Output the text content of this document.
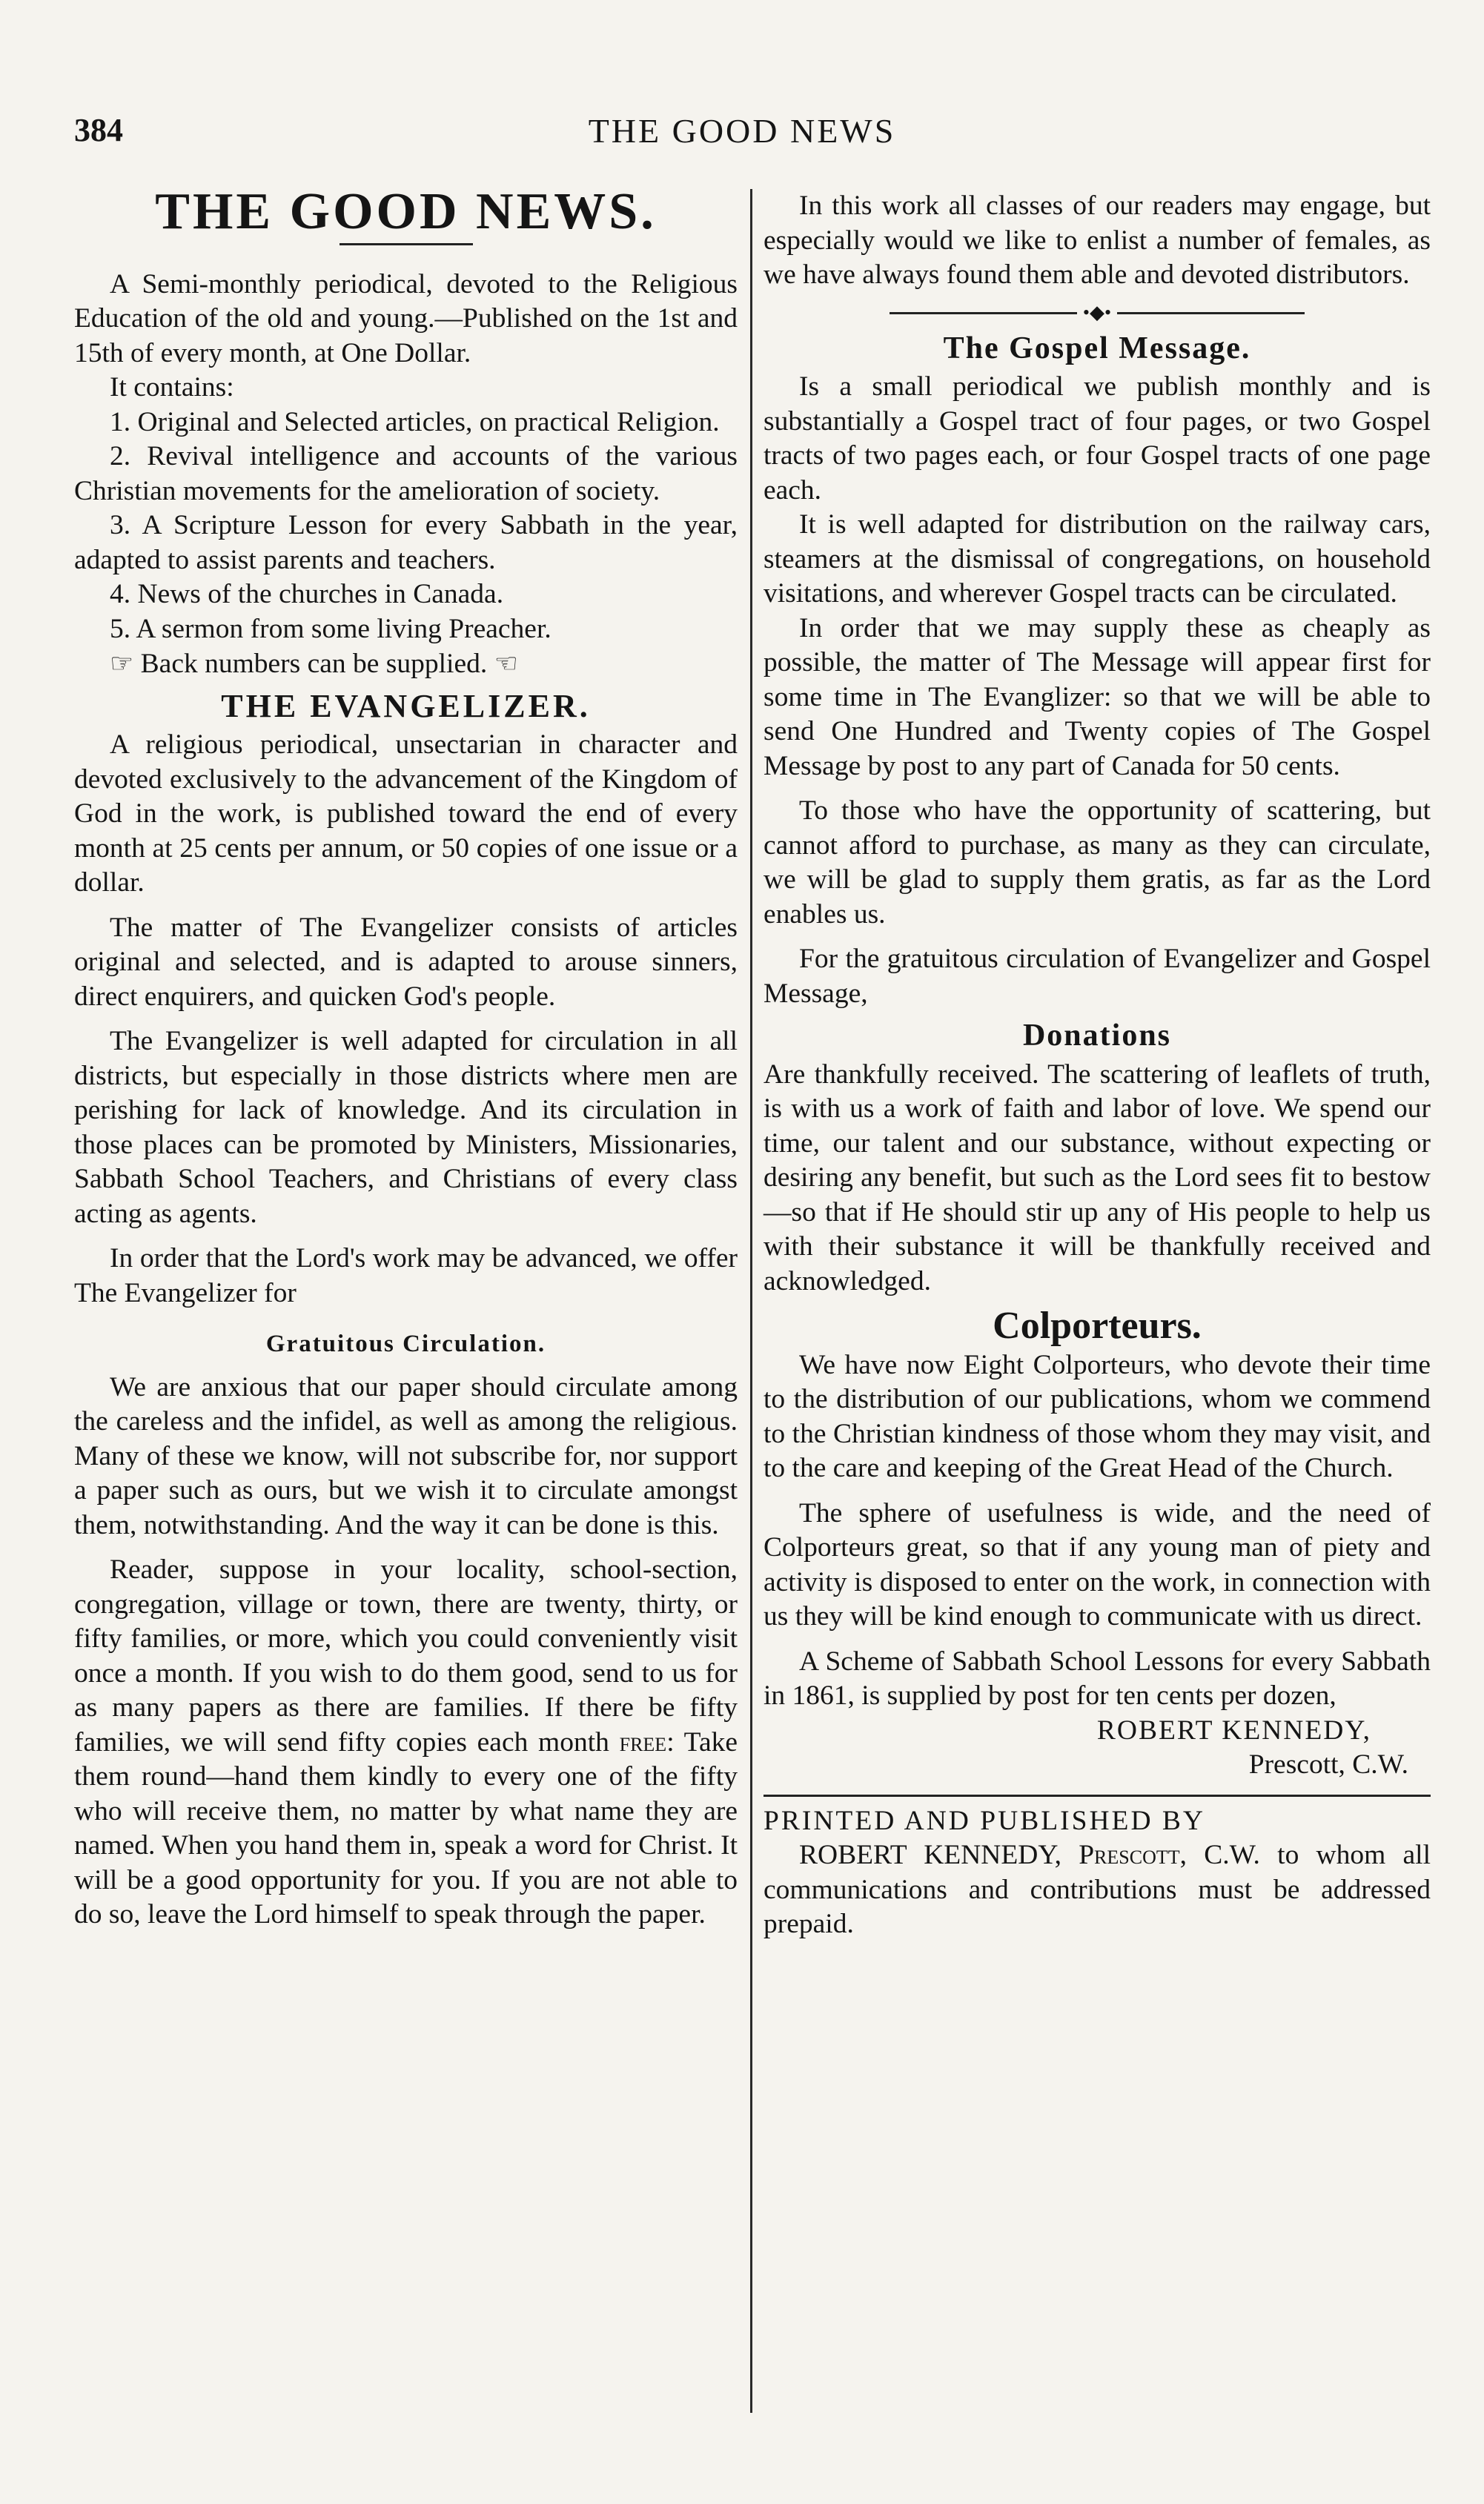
384	THE GOOD NEWS
THE GOOD NEWS.

A Semi-monthly periodical, devoted to the Religious Education of the old and young.—Published on the 1st and 15th of every month, at One Dollar.

It contains:

1. Original and Selected articles, on practical Religion.

2. Revival intelligence and accounts of the various Christian movements for the amelioration of society.

3. A Scripture Lesson for every Sabbath in the year, adapted to assist parents and teachers.

4. News of the churches in Canada.

5. A sermon from some living Preacher.

☞ Back numbers can be supplied. ☜

THE EVANGELIZER.

A religious periodical, unsectarian in character and devoted exclusively to the advancement of the Kingdom of God in the work, is published toward the end of every month at 25 cents per annum, or 50 copies of one issue or a dollar.

The matter of The Evangelizer consists of articles original and selected, and is adapted to arouse sinners, direct enquirers, and quicken God's people.

The Evangelizer is well adapted for circulation in all districts, but especially in those districts where men are perishing for lack of knowledge. And its circulation in those places can be promoted by Ministers, Missionaries, Sabbath School Teachers, and Christians of every class acting as agents.

In order that the Lord's work may be advanced, we offer The Evangelizer for

Gratuitous Circulation.

We are anxious that our paper should circulate among the careless and the infidel, as well as among the religious. Many of these we know, will not subscribe for, nor support a paper such as ours, but we wish it to circulate amongst them, notwithstanding. And the way it can be done is this.

Reader, suppose in your locality, school-section, congregation, village or town, there are twenty, thirty, or fifty families, or more, which you could conveniently visit once a month. If you wish to do them good, send to us for as many papers as there are families. If there be fifty families, we will send fifty copies each month free: Take them round—hand them kindly to every one of the fifty who will receive them, no matter by what name they are named. When you hand them in, speak a word for Christ. It will be a good opportunity for you. If you are not able to do so, leave the Lord himself to speak through the paper.

In this work all classes of our readers may engage, but especially would we like to enlist a number of females, as we have always found them able and devoted distributors.

•◆•
The Gospel Message.

Is a small periodical we publish monthly and is substantially a Gospel tract of four pages, or two Gospel tracts of two pages each, or four Gospel tracts of one page each.

It is well adapted for distribution on the railway cars, steamers at the dismissal of congregations, on household visitations, and wherever Gospel tracts can be circulated.

In order that we may supply these as cheaply as possible, the matter of The Message will appear first for some time in The Evanglizer: so that we will be able to send One Hundred and Twenty copies of The Gospel Message by post to any part of Canada for 50 cents.

To those who have the opportunity of scattering, but cannot afford to purchase, as many as they can circulate, we will be glad to supply them gratis, as far as the Lord enables us.

For the gratuitous circulation of Evangelizer and Gospel Message,

Donations

Are thankfully received. The scattering of leaflets of truth, is with us a work of faith and labor of love. We spend our time, our talent and our substance, without expecting or desiring any benefit, but such as the Lord sees fit to bestow—so that if He should stir up any of His people to help us with their substance it will be thankfully received and acknowledged.

Colporteurs.

We have now Eight Colporteurs, who devote their time to the distribution of our publications, whom we commend to the Christian kindness of those whom they may visit, and to the care and keeping of the Great Head of the Church.

The sphere of usefulness is wide, and the need of Colporteurs great, so that if any young man of piety and activity is disposed to enter on the work, in connection with us they will be kind enough to communicate with us direct.

A Scheme of Sabbath School Lessons for every Sabbath in 1861, is supplied by post for ten cents per dozen,

ROBERT KENNEDY,

Prescott, C.W.

PRINTED AND PUBLISHED BY

ROBERT KENNEDY, Prescott, C.W. to whom all communications and contributions must be addressed prepaid.
